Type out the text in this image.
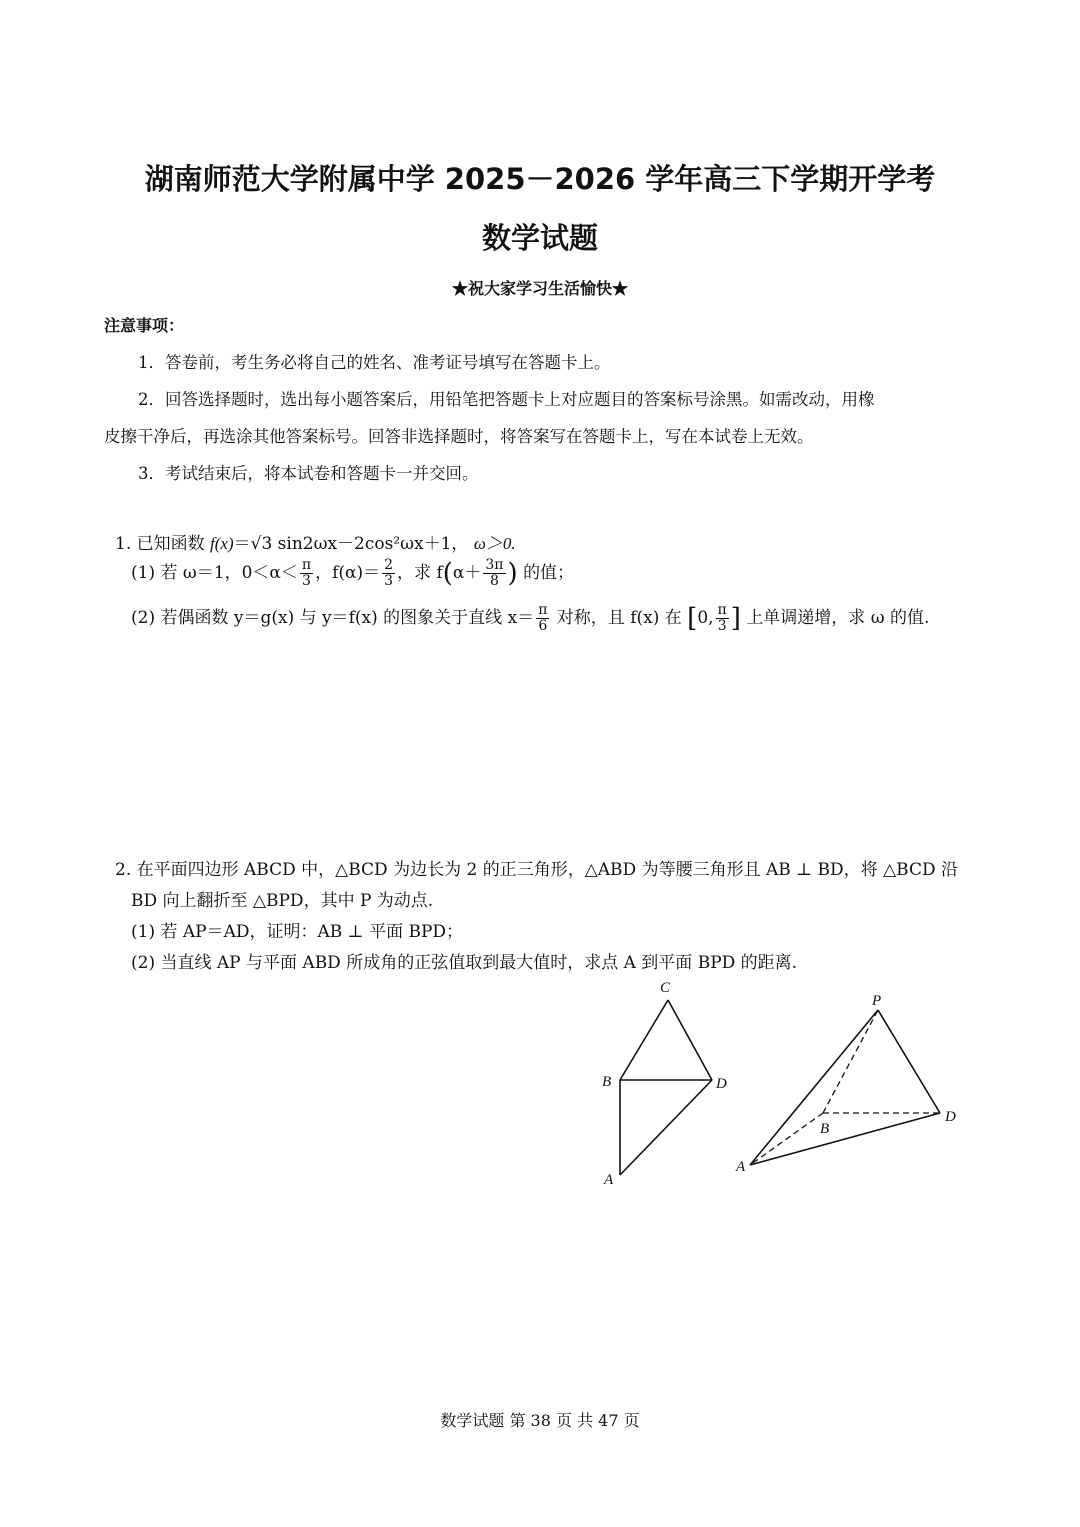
湖南师范大学附属中学 2025－2026 学年高三下学期开学考
数学试题
★祝大家学习生活愉快★
注意事项：
1．答卷前，考生务必将自己的姓名、准考证号填写在答题卡上。
2．回答选择题时，选出每小题答案后，用铅笔把答题卡上对应题目的答案标号涂黑。如需改动，用橡
皮擦干净后，再选涂其他答案标号。回答非选择题时，将答案写在答题卡上，写在本试卷上无效。
3．考试结束后，将本试卷和答题卡一并交回。
1. 已知函数 f(x)＝√3 sin2ωx－2cos²ωx＋1， ω＞0.
(1) 若 ω＝1，$0<\alpha< \frac{\pi}{3}$ ，$f(\alpha)= \frac{2}{3}$ ，求 $f(\alpha+ \frac{3\pi}{8}$ ) 的值；
(2) 若偶函数 y＝g(x) 与 y＝f(x) 的图象关于直线 $x= \frac{\pi}{6}$ 对称，且 f(x) 在 [0, $\frac{\pi}{3}$ ] 上单调递增，求 ω 的值.
2. 在平面四边形 ABCD 中，△BCD 为边长为 2 的正三角形，△ABD 为等腰三角形且 AB ⊥ BD，将 △BCD 沿
BD 向上翻折至 △BPD，其中 P 为动点.
(1) 若 AP＝AD，证明：AB ⊥ 平面 BPD；
(2) 当直线 AP 与平面 ABD 所成角的正弦值取到最大值时，求点 A 到平面 BPD 的距离.
C
B	D
A
P
B
D
A
数学试题 第 38 页 共 47 页
